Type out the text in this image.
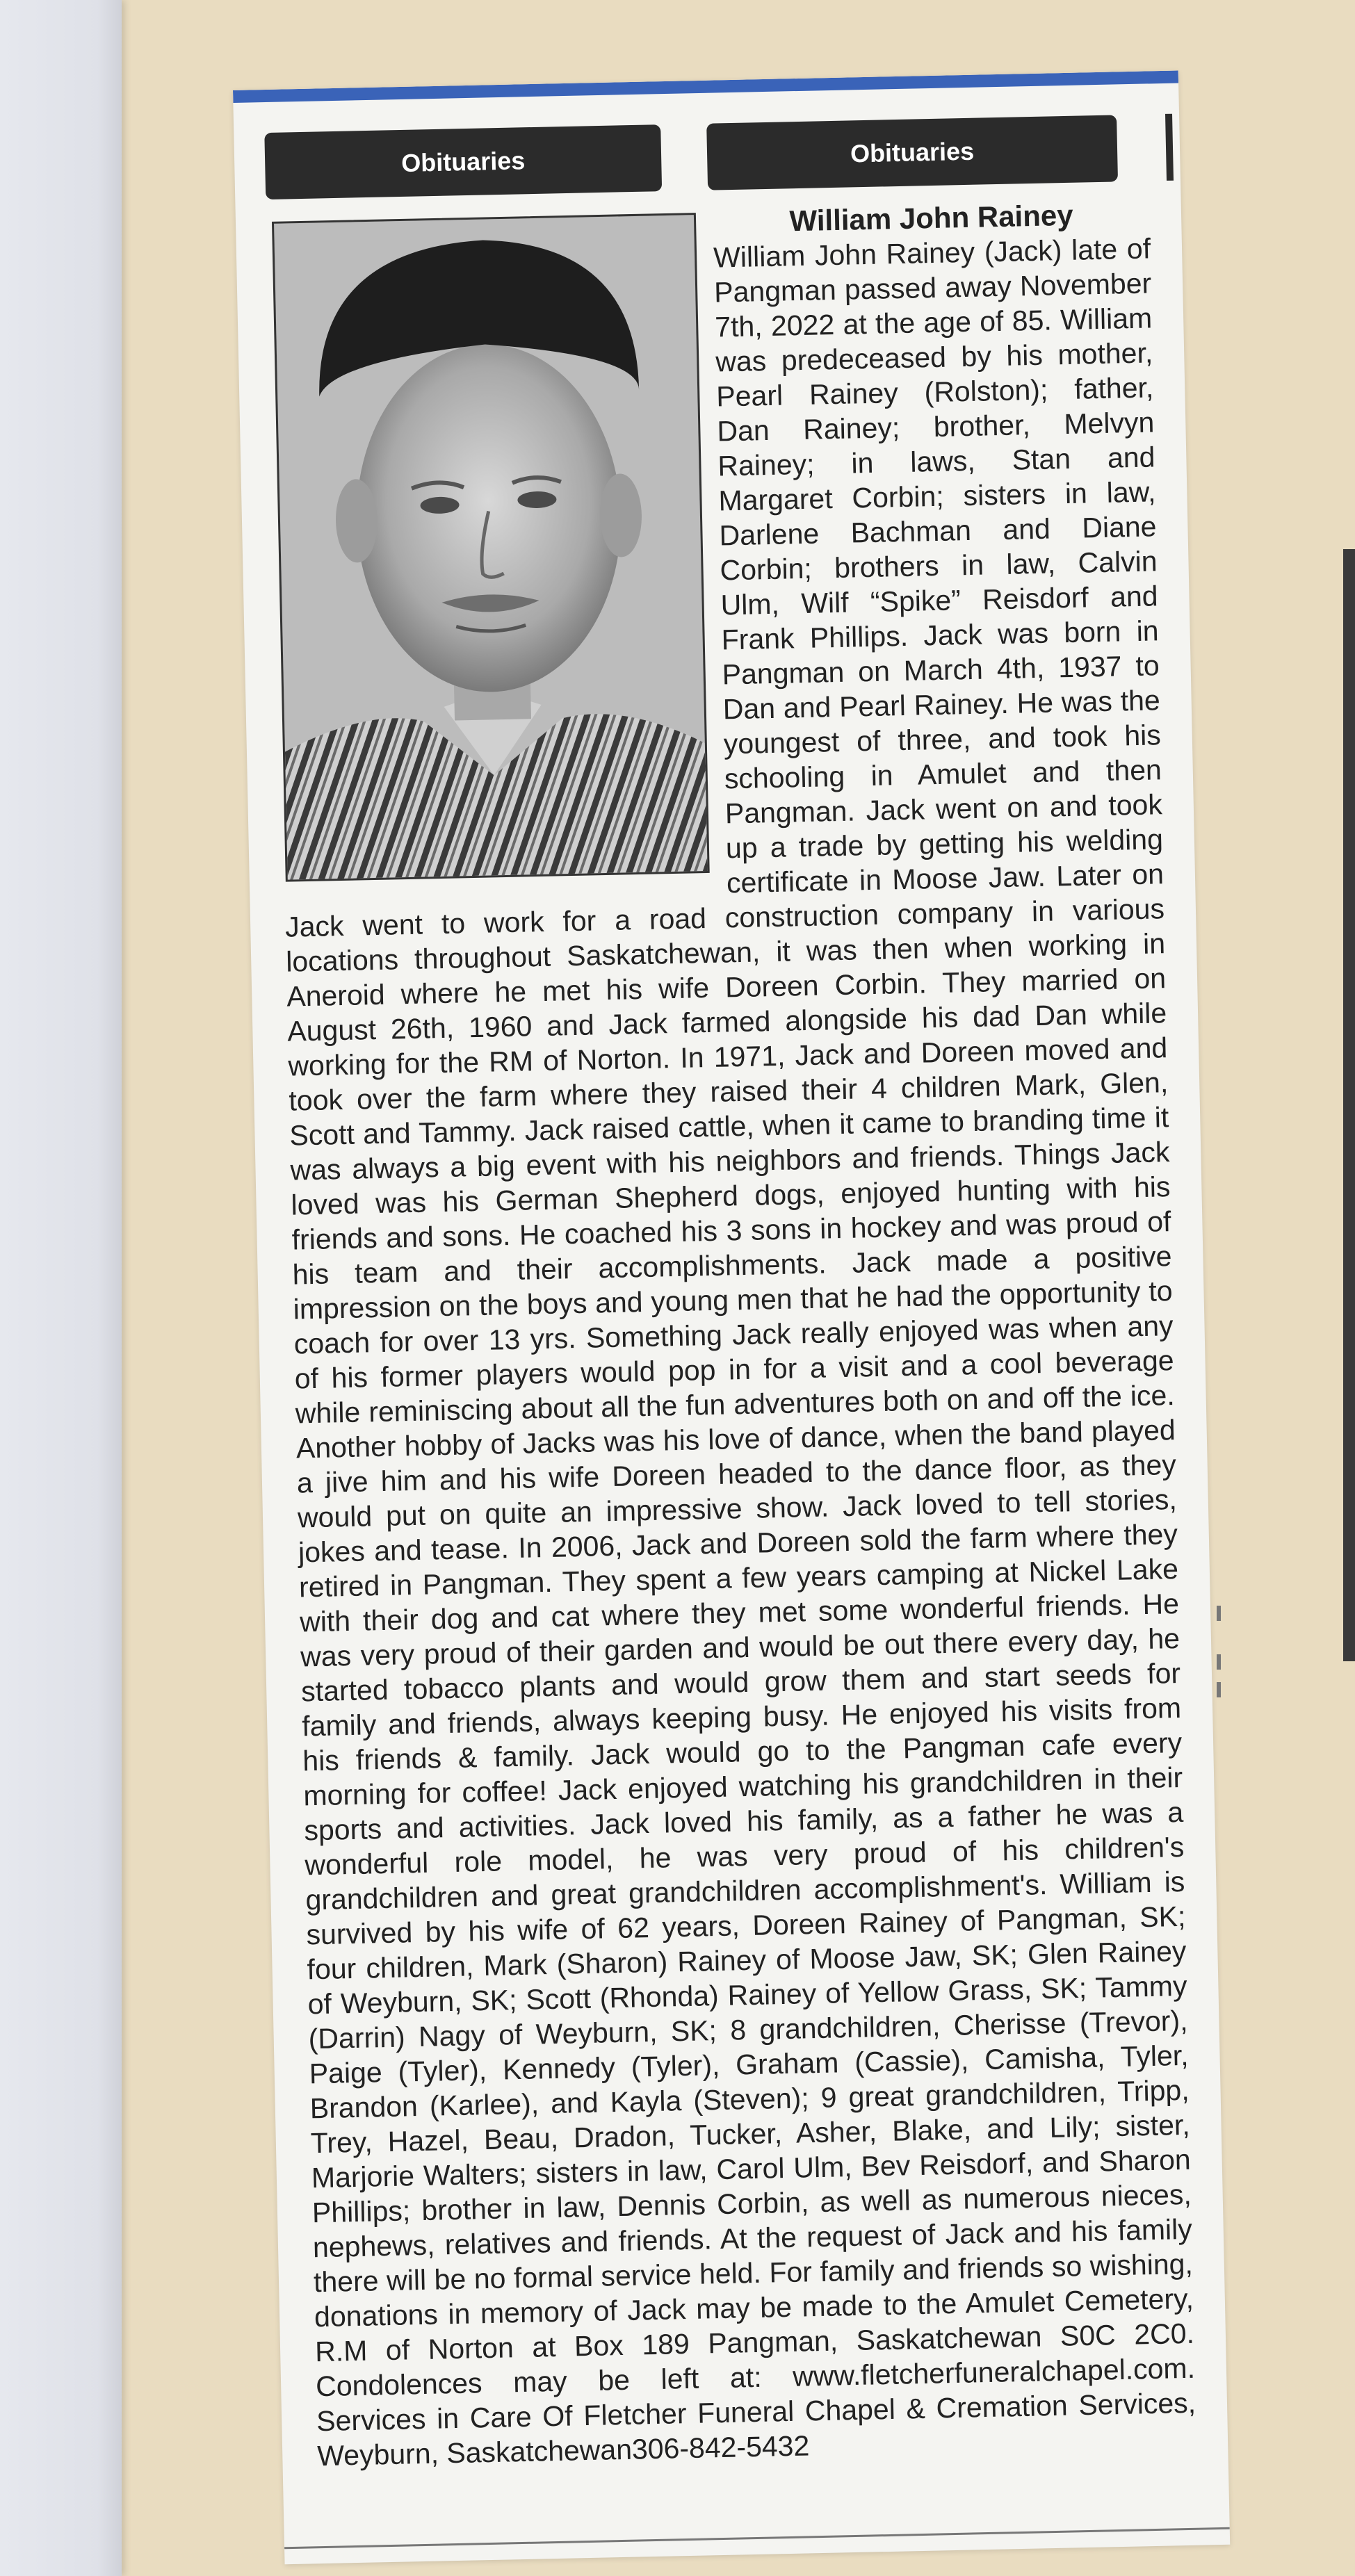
Obituaries	Obituaries
William John Rainey
William John Rainey (Jack) late of Pangman passed away November 7th, 2022 at the age of 85. William was predeceased by his mother, Pearl Rainey (Rolston); father, Dan Rainey; brother, Melvyn Rainey; in laws, Stan and Margaret Corbin; sisters in law, Darlene Bachman and Diane Corbin; brothers in law, Calvin Ulm, Wilf “Spike” Reisdorf and Frank Phillips. Jack was born in Pangman on March 4th, 1937 to Dan and Pearl Rainey. He was the youngest of three, and took his schooling in Amulet and then Pangman. Jack went on and took up a trade by getting his welding certificate in Moose Jaw. Later on Jack went to work for a road construction company in various locations throughout Saskatchewan, it was then when working in Aneroid where he met his wife Doreen Corbin. They married on August 26th, 1960 and Jack farmed alongside his dad Dan while working for the RM of Norton. In 1971, Jack and Doreen moved and took over the farm where they raised their 4 children Mark, Glen, Scott and Tammy. Jack raised cattle, when it came to branding time it was always a big event with his neighbors and friends. Things Jack loved was his German Shepherd dogs, enjoyed hunting with his friends and sons. He coached his 3 sons in hockey and was proud of his team and their accomplishments. Jack made a positive impression on the boys and young men that he had the opportunity to coach for over 13 yrs. Something Jack really enjoyed was when any of his former players would pop in for a visit and a cool beverage while reminiscing about all the fun adventures both on and off the ice. Another hobby of Jacks was his love of dance, when the band played a jive him and his wife Doreen headed to the dance floor, as they would put on quite an impressive show. Jack loved to tell stories, jokes and tease. In 2006, Jack and Doreen sold the farm where they retired in Pangman. They spent a few years camping at Nickel Lake with their dog and cat where they met some wonderful friends. He was very proud of their garden and would be out there every day, he started tobacco plants and would grow them and start seeds for family and friends, always keeping busy. He enjoyed his visits from his friends & family. Jack would go to the Pangman cafe every morning for coffee! Jack enjoyed watching his grandchildren in their sports and activities. Jack loved his family, as a father he was a wonderful role model, he was very proud of his children's grandchildren and great grandchildren accomplishment's. William is survived by his wife of 62 years, Doreen Rainey of Pangman, SK; four children, Mark (Sharon) Rainey of Moose Jaw, SK; Glen Rainey of Weyburn, SK; Scott (Rhonda) Rainey of Yellow Grass, SK; Tammy (Darrin) Nagy of Weyburn, SK; 8 grandchildren, Cherisse (Trevor), Paige (Tyler), Kennedy (Tyler), Graham (Cassie), Camisha, Tyler, Brandon (Karlee), and Kayla (Steven); 9 great grandchildren, Tripp, Trey, Hazel, Beau, Dradon, Tucker, Asher, Blake, and Lily; sister, Marjorie Walters; sisters in law, Carol Ulm, Bev Reisdorf, and Sharon Phillips; brother in law, Dennis Corbin, as well as numerous nieces, nephews, relatives and friends. At the request of Jack and his family there will be no formal service held. For family and friends so wishing, donations in memory of Jack may be made to the Amulet Cemetery, R.M of Norton at Box 189 Pangman, Saskatchewan S0C 2C0. Condolences may be left at: www.fletcherfuneralchapel.com. Services in Care Of Fletcher Funeral Chapel & Cremation Services, Weyburn, Saskatchewan306-842-5432
